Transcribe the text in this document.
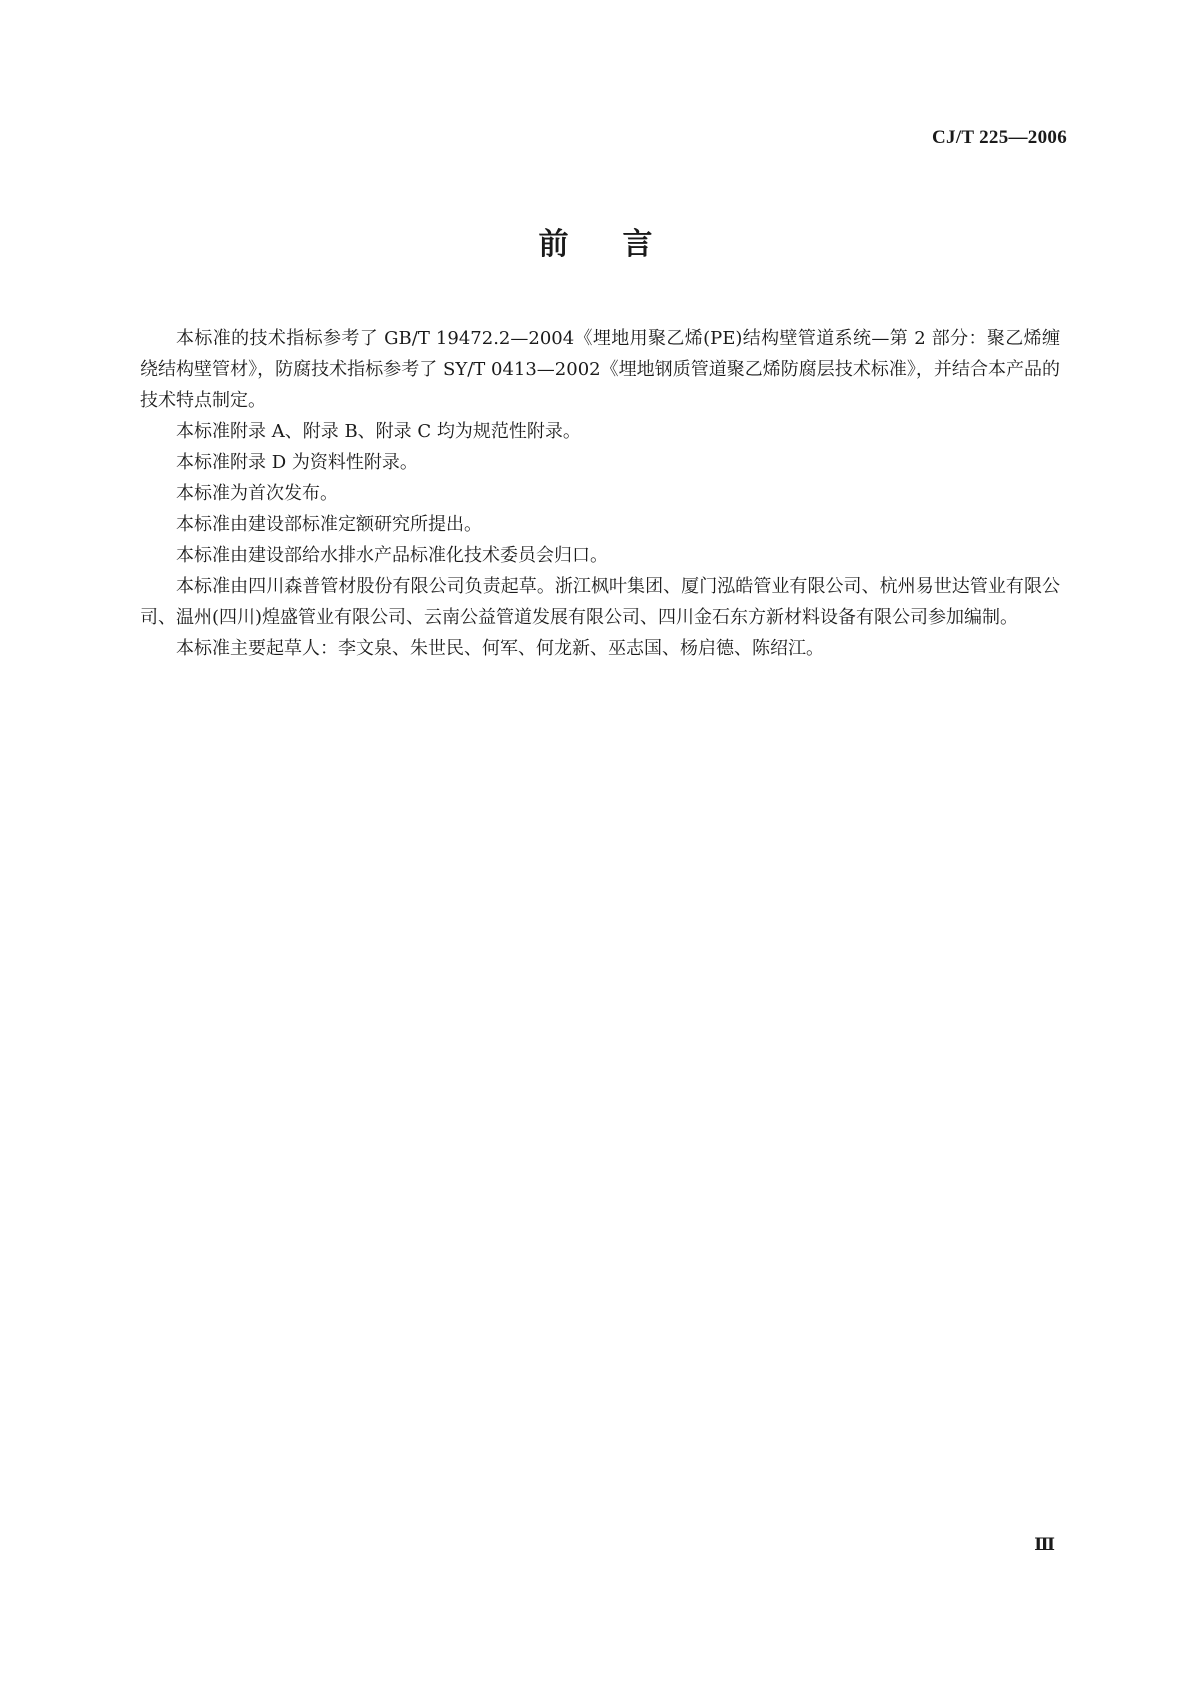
CJ/T 225—2006
前言

本标准的技术指标参考了 GB/T 19472.2—2004《埋地用聚乙烯(PE)结构壁管道系统—第 2 部分：聚乙烯缠绕结构壁管材》，防腐技术指标参考了 SY/T 0413—2002《埋地钢质管道聚乙烯防腐层技术标准》，并结合本产品的技术特点制定。

本标准附录 A、附录 B、附录 C 均为规范性附录。

本标准附录 D 为资料性附录。

本标准为首次发布。

本标准由建设部标准定额研究所提出。

本标准由建设部给水排水产品标准化技术委员会归口。

本标准由四川森普管材股份有限公司负责起草。浙江枫叶集团、厦门泓皓管业有限公司、杭州易世达管业有限公司、温州(四川)煌盛管业有限公司、云南公益管道发展有限公司、四川金石东方新材料设备有限公司参加编制。

本标准主要起草人：李文泉、朱世民、何军、何龙新、巫志国、杨启德、陈绍江。

Ⅲ
